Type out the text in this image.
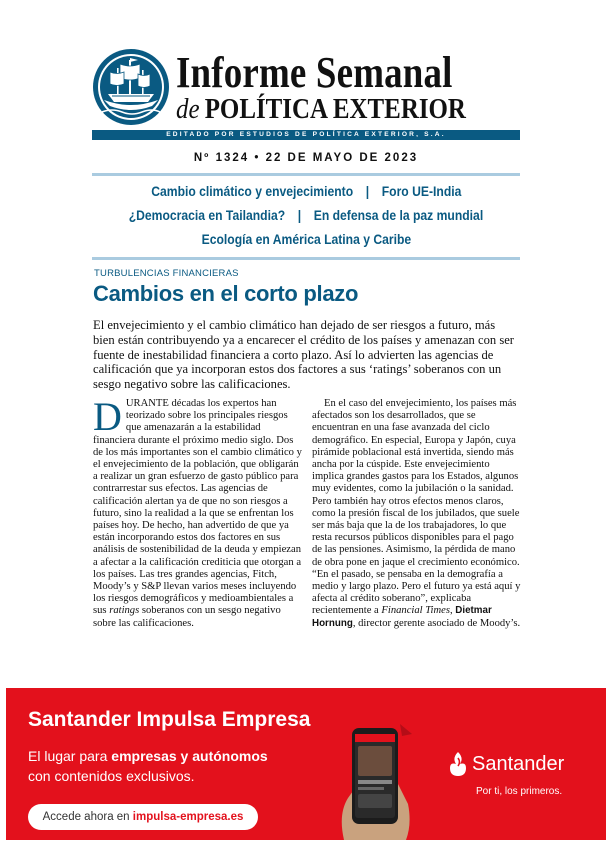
Informe Semanal
de POLÍTICA EXTERIOR
EDITADO POR ESTUDIOS DE POLÍTICA EXTERIOR, S.A.
Nº 1324 • 22 DE MAYO DE 2023
Cambio climático y envejecimiento | Foro UE-India
¿Democracia en Tailandia? | En defensa de la paz mundial
Ecología en América Latina y Caribe
TURBULENCIAS FINANCIERAS
Cambios en el corto plazo

El envejecimiento y el cambio climático han dejado de ser riesgos a futuro, más bien están contribuyendo ya a encarecer el crédito de los países y amenazan con ser fuente de inestabilidad financiera a corto plazo. Así lo advierten las agencias de calificación que ya incorporan estos dos factores a sus ‘ratings’ soberanos con un sesgo negativo sobre las calificaciones.

DURANTE décadas los expertos han teorizado sobre los principales riesgos que amenazarán a la estabilidad financiera durante el próximo medio siglo. Dos de los más importantes son el cambio climático y el envejecimiento de la población, que obligarán a realizar un gran esfuerzo de gasto público para contrarrestar sus efectos. Las agencias de calificación alertan ya de que no son riesgos a futuro, sino la realidad a la que se enfrentan los países hoy. De hecho, han advertido de que ya están incorporando estos dos factores en sus análisis de sostenibilidad de la deuda y empiezan a afectar a la calificación crediticia que otorgan a los países. Las tres grandes agencias, Fitch, Moody’s y S&P llevan varios meses incluyendo los riesgos demográficos y medioambientales a sus ratings soberanos con un sesgo negativo sobre las calificaciones.

En el caso del envejecimiento, los países más afectados son los desarrollados, que se encuentran en una fase avanzada del ciclo demográfico. En especial, Europa y Japón, cuya pirámide poblacional está invertida, siendo más ancha por la cúspide. Este envejecimiento implica grandes gastos para los Estados, algunos muy evidentes, como la jubilación o la sanidad. Pero también hay otros efectos menos claros, como la presión fiscal de los jubilados, que suele ser más baja que la de los trabajadores, lo que resta recursos públicos disponibles para el pago de las pensiones. Asimismo, la pérdida de mano de obra pone en jaque el crecimiento económico. “En el pasado, se pensaba en la demografía a medio y largo plazo. Pero el futuro ya está aquí y afecta al crédito soberano”, explicaba recientemente a Financial Times, Dietmar Hornung, director gerente asociado de Moody’s.

Santander Impulsa Empresa
El lugar para empresas y autónomos
con contenidos exclusivos.
Accede ahora en impulsa-empresa.es
Santander
Por ti, los primeros.
